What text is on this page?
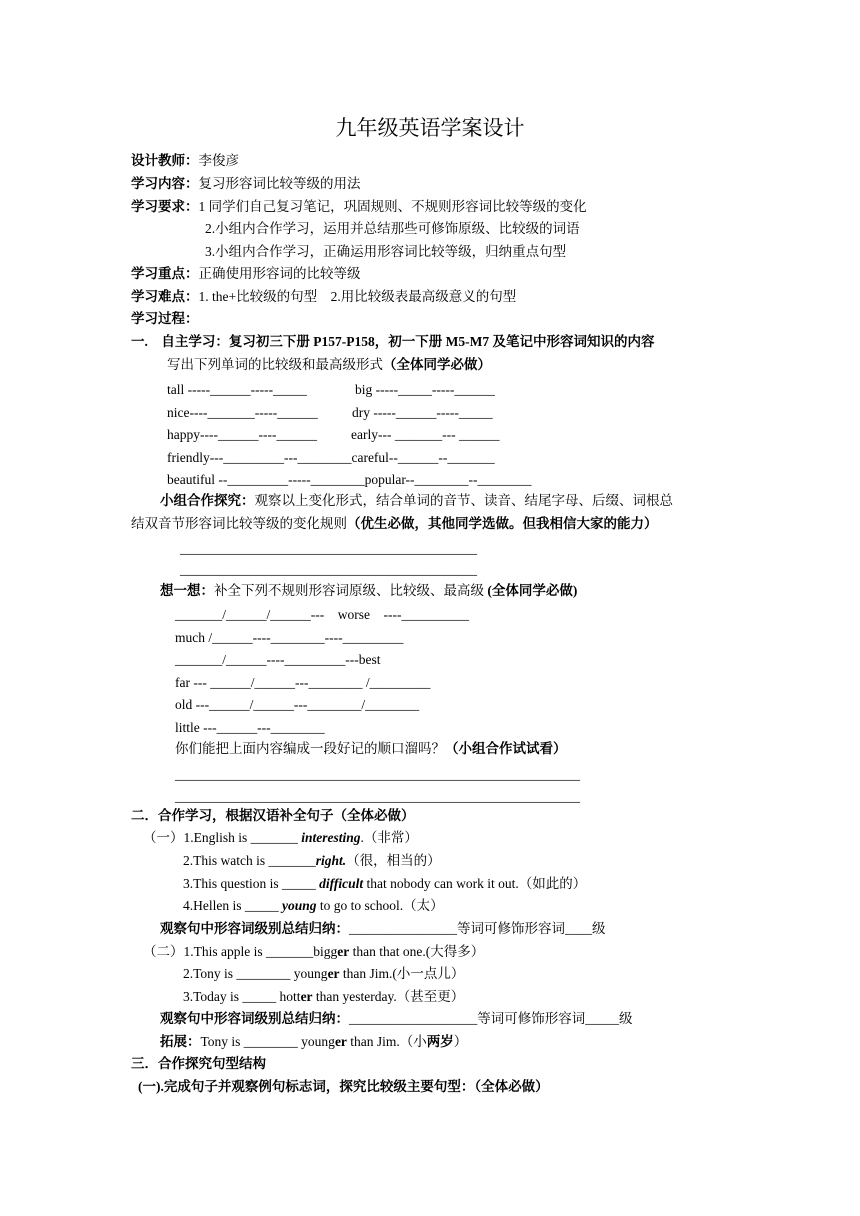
九年级英语学案设计
设计教师：李俊彦
学习内容：复习形容词比较等级的用法
学习要求：1 同学们自己复习笔记，巩固规则、不规则形容词比较等级的变化
2.小组内合作学习，运用并总结那些可修饰原级、比较级的词语
3.小组内合作学习，正确运用形容词比较等级，归纳重点句型
学习重点：正确使用形容词的比较等级
学习难点：1. the+比较级的句型　2.用比较级表最高级意义的句型
学习过程：
一.　自主学习：复习初三下册 P157-P158，初一下册 M5-M7 及笔记中形容词知识的内容
写出下列单词的比较级和最高级形式（全体同学必做）
tall -----______-----_____	big -----_____-----______
nice----_______-----______	dry -----______-----_____
happy----______----______	early--- _______--- ______
friendly---_________---________careful--______--_______
beautiful --_________-----________popular--________--________
小组合作探究：观察以上变化形式，结合单词的音节、读音、结尾字母、后缀、词根总
结双音节形容词比较等级的变化规则（优生必做，其他同学选做。但我相信大家的能力）
____________________________________________
____________________________________________
想一想：补全下列不规则形容词原级、比较级、最高级 (全体同学必做)
_______/______/______---　worse　----__________
much /______----________----_________
_______/______----_________---best
far --- ______/______---________ /_________
old ---______/______---________/________
little ---______---________
你们能把上面内容编成一段好记的顺口溜吗？（小组合作试试看）
____________________________________________________________
____________________________________________________________
二．合作学习，根据汉语补全句子（全体必做）
（一）1.English is _______ interesting.（非常）
2.This watch is _______right.（很，相当的）
3.This question is _____ difficult that nobody can work it out.（如此的）
4.Hellen is _____ young to go to school.（太）
观察句中形容词级别总结归纳：________________等词可修饰形容词____级
（二）1.This apple is _______bigger than that one.(大得多）
2.Tony is ________ younger than Jim.(小一点儿）
3.Today is _____ hotter than yesterday.（甚至更）
观察句中形容词级别总结归纳：___________________等词可修饰形容词_____级
拓展：Tony is ________ younger than Jim.（小两岁）
三．合作探究句型结构
(一).完成句子并观察例句标志词，探究比较级主要句型：（全体必做）
